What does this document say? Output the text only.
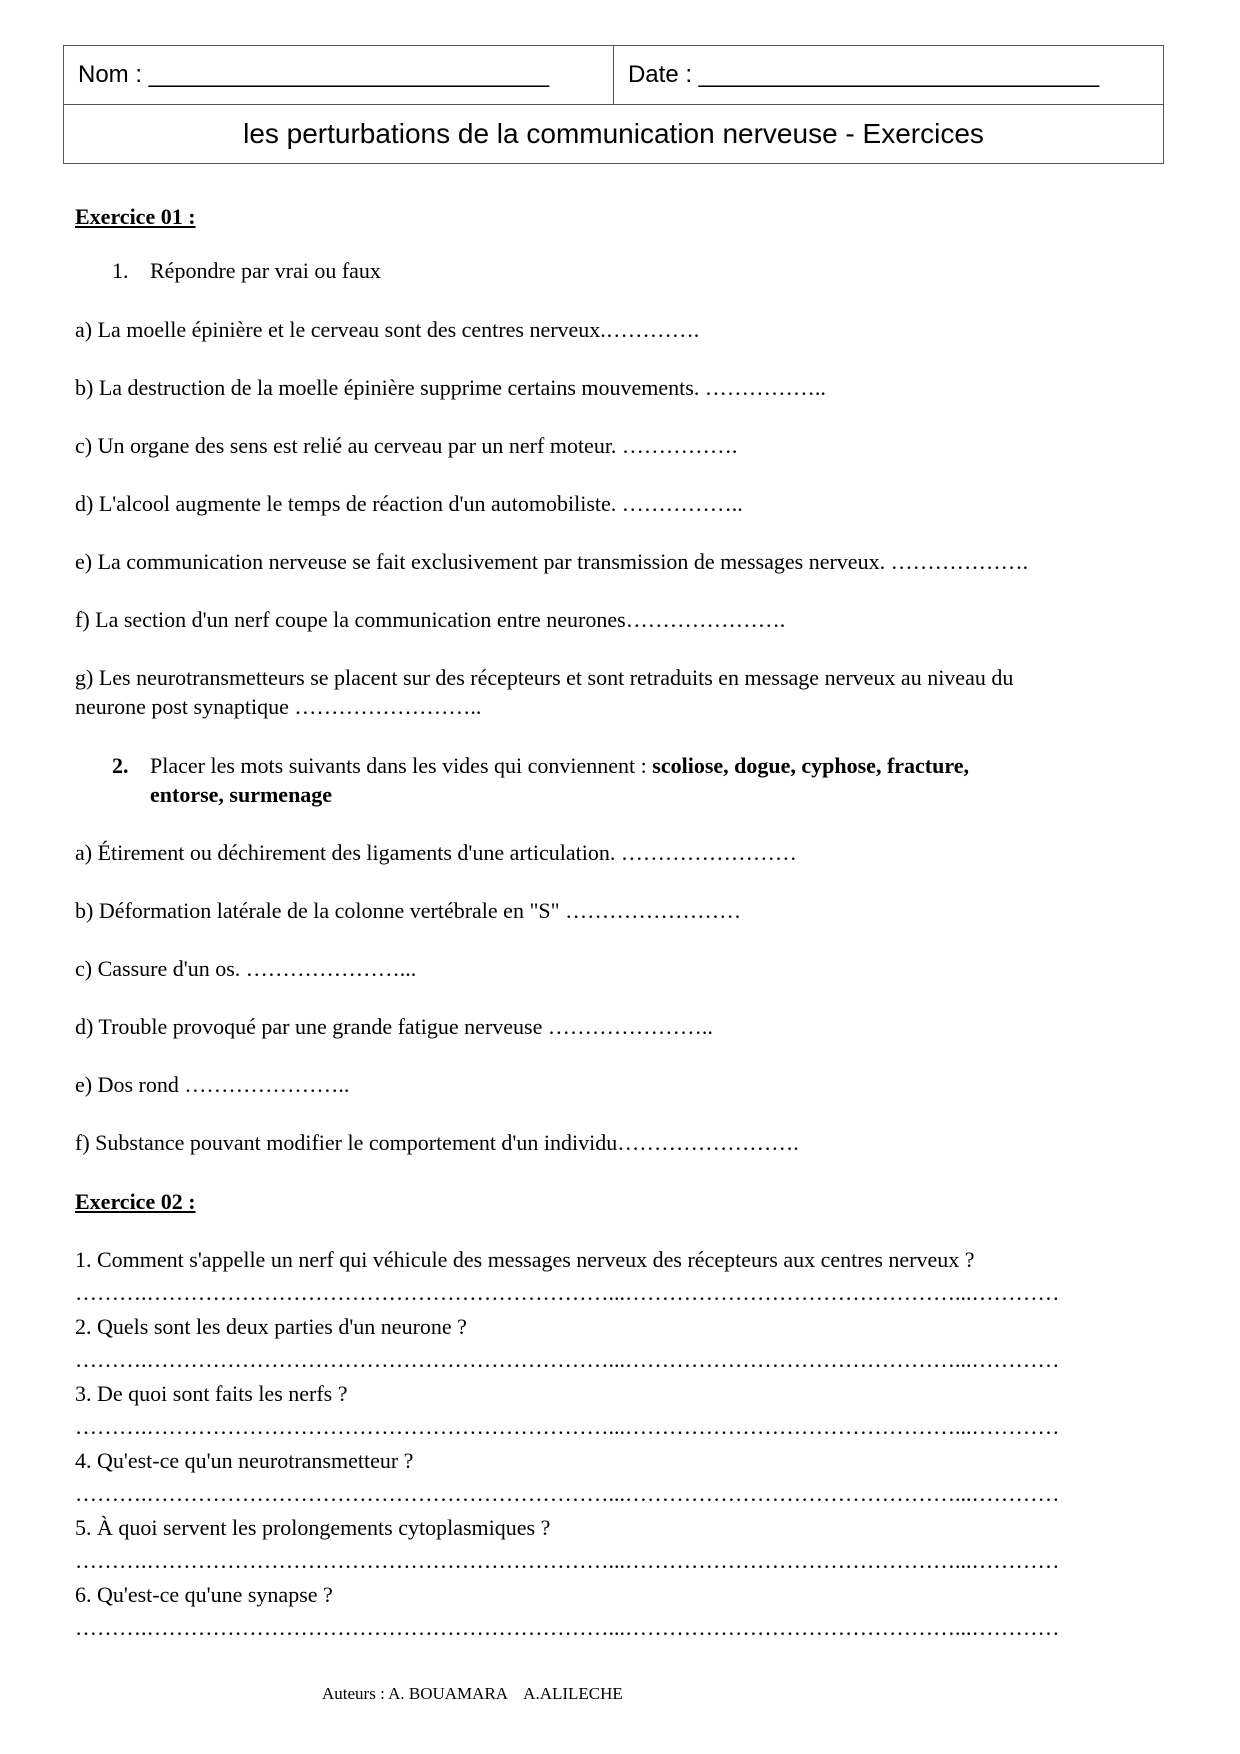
Nom : ______________________________	Date : ______________________________
les perturbations de la communication nerveuse - Exercices
Exercice 01 :
1. Répondre par vrai ou faux
a) La moelle épinière et le cerveau sont des centres nerveux.………….
b) La destruction de la moelle épinière supprime certains mouvements. ……………..
c) Un organe des sens est relié au cerveau par un nerf moteur. …………….
d) L'alcool augmente le temps de réaction d'un automobiliste. ……………..
e) La communication nerveuse se fait exclusivement par transmission de messages nerveux. ……………….
f) La section d'un nerf coupe la communication entre neurones………………….
g) Les neurotransmetteurs se placent sur des récepteurs et sont retraduits en message nerveux au niveau du
neurone post synaptique ……………………..
2. Placer les mots suivants dans les vides qui conviennent : scoliose, dogue, cyphose, fracture,
entorse, surmenage
a) Étirement ou déchirement des ligaments d'une articulation. ……………………
b) Déformation latérale de la colonne vertébrale en "S" ……………………
c) Cassure d'un os. …………………...
d) Trouble provoqué par une grande fatigue nerveuse …………………..
e) Dos rond …………………..
f) Substance pouvant modifier le comportement d'un individu…………………….
Exercice 02 :
1. Comment s'appelle un nerf qui véhicule des messages nerveux des récepteurs aux centres nerveux ?
……….………………………………………………………...………………………………………...…………
2. Quels sont les deux parties d'un neurone ?
……….………………………………………………………...………………………………………...…………
3. De quoi sont faits les nerfs ?
……….………………………………………………………...………………………………………...…………
4. Qu'est-ce qu'un neurotransmetteur ?
……….………………………………………………………...………………………………………...…………
5. À quoi servent les prolongements cytoplasmiques ?
……….………………………………………………………...………………………………………...…………
6. Qu'est-ce qu'une synapse ?
……….………………………………………………………...………………………………………...…………
Auteurs : A. BOUAMARA    A.ALILECHE
